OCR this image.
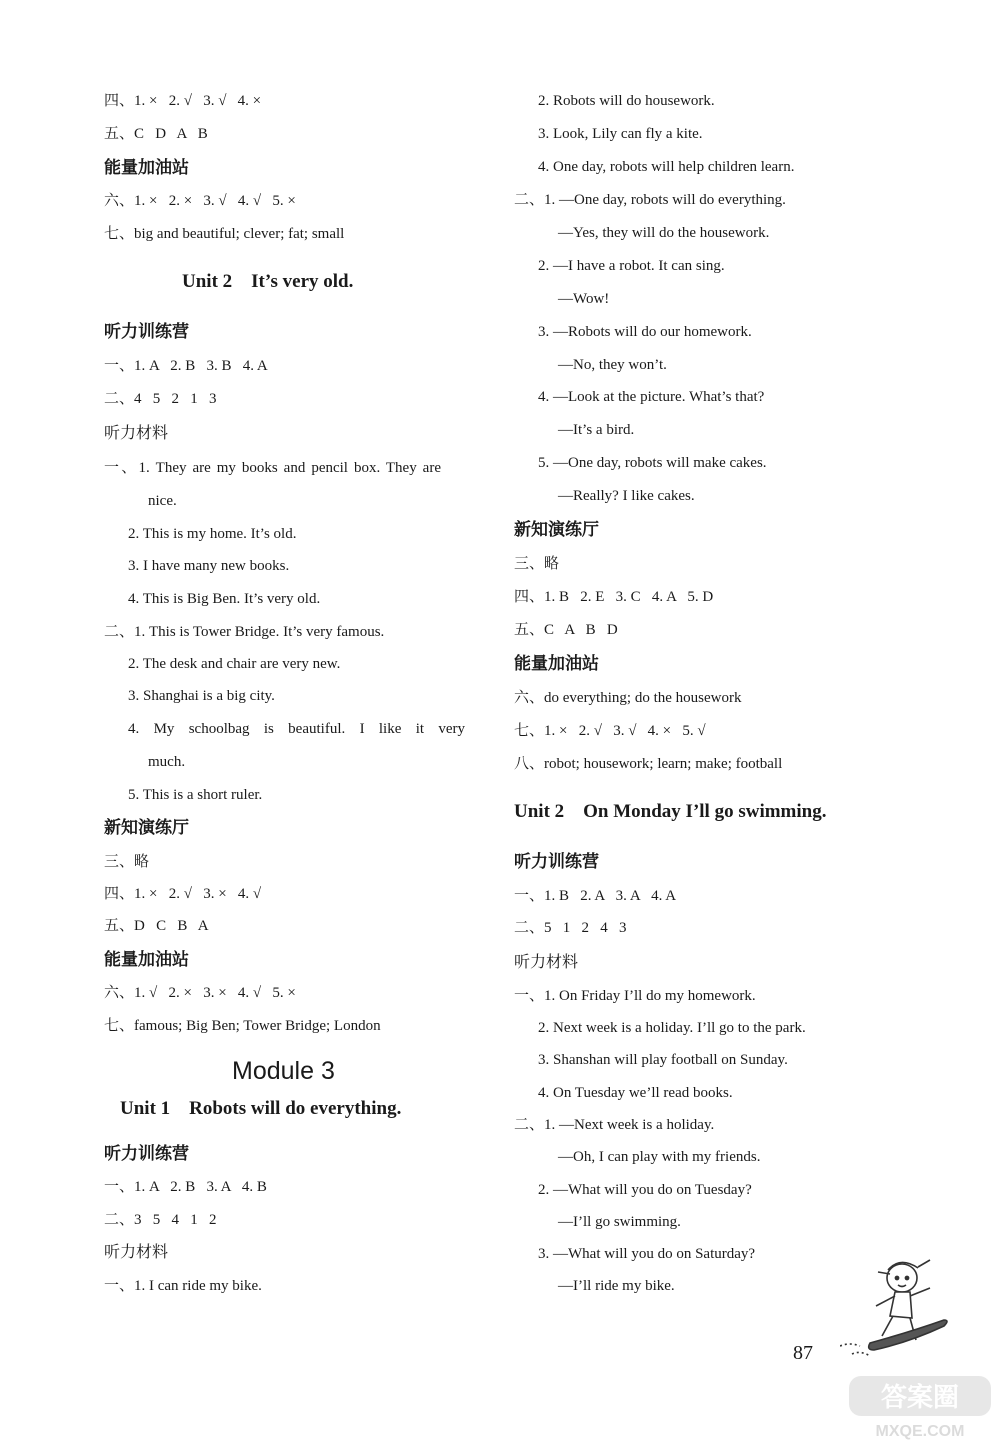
四、1. ×   2. √   3. √   4. ×
五、C   D   A   B
能量加油站
六、1. ×   2. ×   3. √   4. √   5. ×
七、big and beautiful; clever; fat; small
Unit 2    It’s very old.
听力训练营
一、1. A   2. B   3. B   4. A
二、4   5   2   1   3
听力材料
一、1. They are my books and pencil box. They are
nice.
2. This is my home. It’s old.
3. I have many new books.
4. This is Big Ben. It’s very old.
二、1. This is Tower Bridge. It’s very famous.
2. The desk and chair are very new.
3. Shanghai is a big city.
4. My schoolbag is beautiful. I like it very
much.
5. This is a short ruler.
新知演练厅
三、略
四、1. ×   2. √   3. ×   4. √
五、D   C   B   A
能量加油站
六、1. √   2. ×   3. ×   4. √   5. ×
七、famous; Big Ben; Tower Bridge; London
Module 3
Unit 1    Robots will do everything.
听力训练营
一、1. A   2. B   3. A   4. B
二、3   5   4   1   2
听力材料
一、1. I can ride my bike.
2. Robots will do housework.
3. Look, Lily can fly a kite.
4. One day, robots will help children learn.
二、1. —One day, robots will do everything.
—Yes, they will do the housework.
2. —I have a robot. It can sing.
—Wow!
3. —Robots will do our homework.
—No, they won’t.
4. —Look at the picture. What’s that?
—It’s a bird.
5. —One day, robots will make cakes.
—Really? I like cakes.
新知演练厅
三、略
四、1. B   2. E   3. C   4. A   5. D
五、C   A   B   D
能量加油站
六、do everything; do the housework
七、1. ×   2. √   3. √   4. ×   5. √
八、robot; housework; learn; make; football
Unit 2    On Monday I’ll go swimming.
听力训练营
一、1. B   2. A   3. A   4. A
二、5   1   2   4   3
听力材料
一、1. On Friday I’ll do my homework.
2. Next week is a holiday. I’ll go to the park.
3. Shanshan will play football on Sunday.
4. On Tuesday we’ll read books.
二、1. —Next week is a holiday.
—Oh, I can play with my friends.
2. —What will you do on Tuesday?
—I’ll go swimming.
3. —What will you do on Saturday?
—I’ll ride my bike.
87
答案圈
MXQE.COM
